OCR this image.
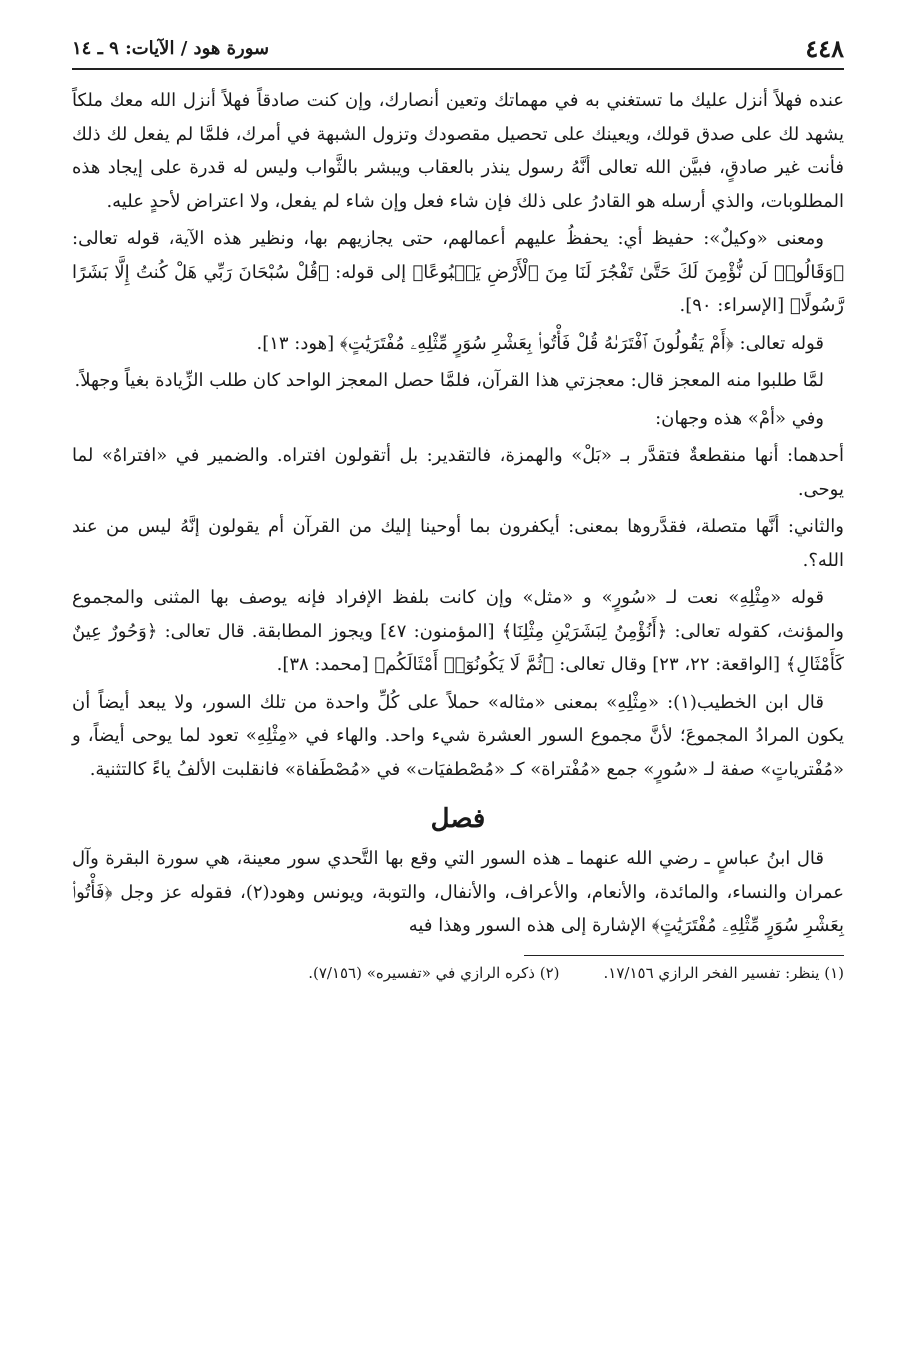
٤٤٨
سورة هود / الآيات: ٩ ـ ١٤

عنده فهلاً أنزل عليك ما تستغني به في مهماتك وتعين أنصارك، وإن كنت صادقاً فهلاً أنزل الله معك ملكاً يشهد لك على صدق قولك، ويعينك على تحصيل مقصودك وتزول الشبهة في أمرك، فلمَّا لم يفعل لك ذلك فأنت غير صادقٍ، فبيَّن الله تعالى أنَّهُ رسول ينذر بالعقاب ويبشر بالثَّواب وليس له قدرة على إيجاد هذه المطلوبات، والذي أرسله هو القادرُ على ذلك فإن شاء فعل وإن شاء لم يفعل، ولا اعتراض لأحدٍ عليه.

ومعنى «وكيلٌ»: حفيظ أي: يحفظُ عليهم أعمالهم، حتى يجازيهم بها، ونظير هذه الآية، قوله تعالى: ﴿وَقَالُوا۟ لَن نُّؤْمِنَ لَكَ حَتَّىٰ تَفْجُرَ لَنَا مِنَ ٱلْأَرْضِ يَنۢبُوعًا﴾ إلى قوله: ﴿قُلْ سُبْحَانَ رَبِّي هَلْ كُنتُ إِلَّا بَشَرًا رَّسُولًا﴾ [الإسراء: ٩٠].

قوله تعالى: ﴿أَمْ يَقُولُونَ ٱفْتَرَىٰهُ قُلْ فَأْتُوا۟ بِعَشْرِ سُوَرٍ مِّثْلِهِۦ مُفْتَرَيَٰتٍ﴾ [هود: ١٣].

لمَّا طلبوا منه المعجز قال: معجزتي هذا القرآن، فلمَّا حصل المعجز الواحد كان طلب الزِّيادة بغياً وجهلاً.

وفي «أمْ» هذه وجهان:

أحدهما: أنها منقطعةٌ فتقدَّر بـ «بَلْ» والهمزة، فالتقدير: بل أتقولون افتراه. والضمير في «افتراهُ» لما يوحى.

والثاني: أنَّها متصلة، فقدَّروها بمعنى: أيكفرون بما أوحينا إليك من القرآن أم يقولون إنَّهُ ليس من عند الله؟.

قوله «مِثْلِهِ» نعت لـ «سُورٍ» و «مثل» وإن كانت بلفظ الإفراد فإنه يوصف بها المثنى والمجموع والمؤنث، كقوله تعالى: ﴿أَنُؤْمِنُ لِبَشَرَيْنِ مِثْلِنَا﴾ [المؤمنون: ٤٧] ويجوز المطابقة. قال تعالى: ﴿وَحُورٌ عِينٌ كَأَمْثَالِ﴾ [الواقعة: ٢٢، ٢٣] وقال تعالى: ﴿ثُمَّ لَا يَكُونُوٓا۟ أَمْثَالَكُم﴾ [محمد: ٣٨].

قال ابن الخطيب(١): «مِثْلِهِ» بمعنى «مثاله» حملاً على كُلِّ واحدة من تلك السور، ولا يبعد أيضاً أن يكون المرادُ المجموعَ؛ لأنَّ مجموع السور العشرة شيء واحد. والهاء في «مِثْلِهِ» تعود لما يوحى أيضاً، و «مُفْترياتٍ» صفة لـ «سُورٍ» جمع «مُفْتراة» كـ «مُصْطفيَات» في «مُصْطَفاة» فانقلبت الألفُ ياءً كالتثنية.

فصل

قال ابنُ عباسٍ ـ رضي الله عنهما ـ هذه السور التي وقع بها التَّحدي سور معينة، هي سورة البقرة وآل عمران والنساء، والمائدة، والأنعام، والأعراف، والأنفال، والتوبة، ويونس وهود(٢)، فقوله عز وجل ﴿فَأْتُوا۟ بِعَشْرِ سُوَرٍ مِّثْلِهِۦ مُفْتَرَيَٰتٍ﴾ الإشارة إلى هذه السور وهذا فيه

(١) ينظر: تفسير الفخر الرازي ١٧/١٥٦.
(٢) ذكره الرازي في «تفسيره» (٧/١٥٦).
